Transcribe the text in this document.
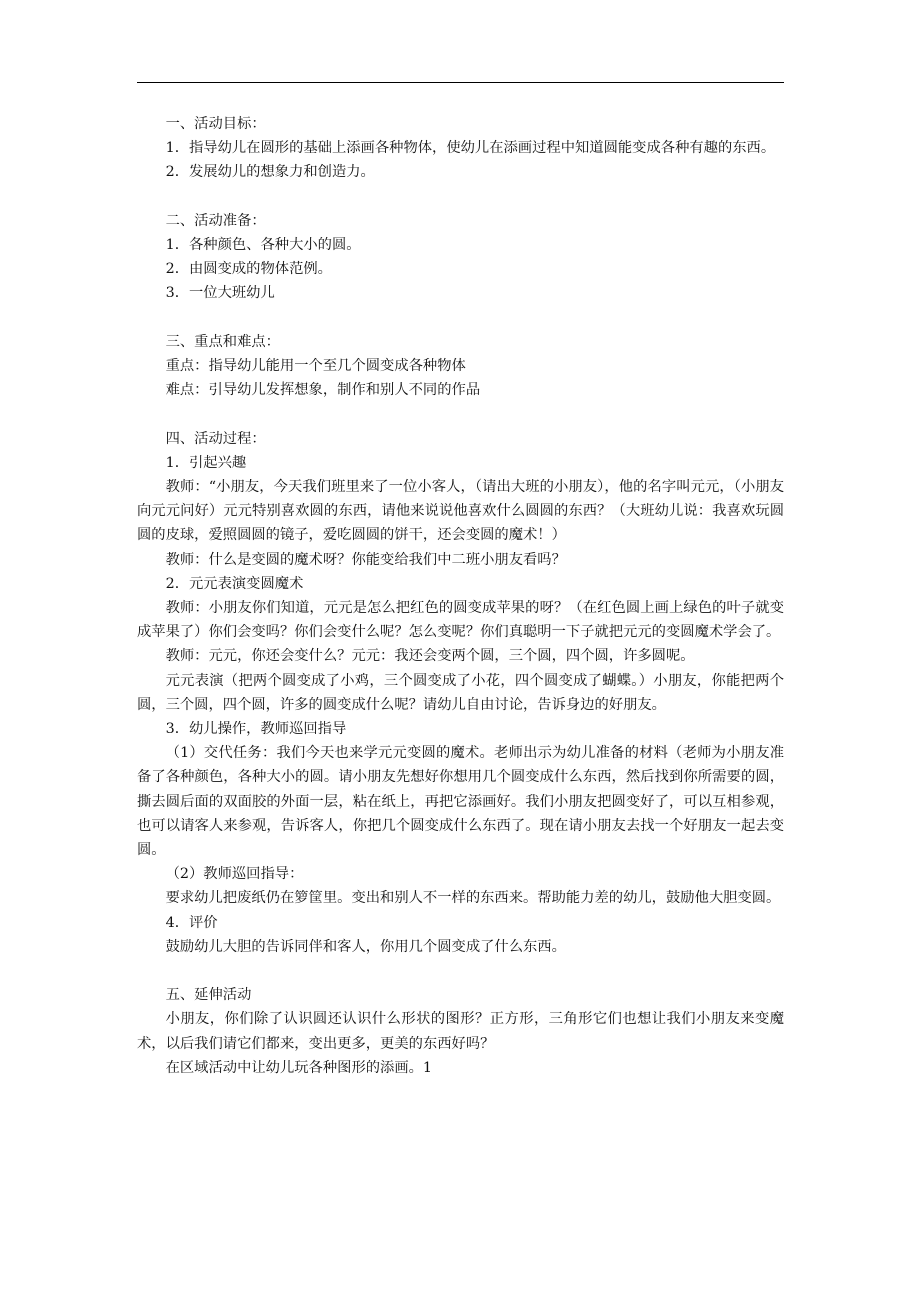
一、活动目标：

1．指导幼儿在圆形的基础上添画各种物体，使幼儿在添画过程中知道圆能变成各种有趣的东西。

2．发展幼儿的想象力和创造力。

二、活动准备：

1．各种颜色、各种大小的圆。

2．由圆变成的物体范例。

3．一位大班幼儿

三、重点和难点：

重点：指导幼儿能用一个至几个圆变成各种物体

难点：引导幼儿发挥想象，制作和别人不同的作品

四、活动过程：

1．引起兴趣

教师：“小朋友，今天我们班里来了一位小客人，（请出大班的小朋友），他的名字叫元元，（小朋友向元元问好）元元特别喜欢圆的东西，请他来说说他喜欢什么圆圆的东西？（大班幼儿说：我喜欢玩圆圆的皮球，爱照圆圆的镜子，爱吃圆圆的饼干，还会变圆的魔术！）

教师：什么是变圆的魔术呀？你能变给我们中二班小朋友看吗？

2．元元表演变圆魔术

教师：小朋友你们知道，元元是怎么把红色的圆变成苹果的呀？（在红色圆上画上绿色的叶子就变成苹果了）你们会变吗？你们会变什么呢？怎么变呢？你们真聪明一下子就把元元的变圆魔术学会了。

教师：元元，你还会变什么？元元：我还会变两个圆，三个圆，四个圆，许多圆呢。

元元表演（把两个圆变成了小鸡，三个圆变成了小花，四个圆变成了蝴蝶。）小朋友，你能把两个圆，三个圆，四个圆，许多的圆变成什么呢？请幼儿自由讨论，告诉身边的好朋友。

3．幼儿操作，教师巡回指导

（1）交代任务：我们今天也来学元元变圆的魔术。老师出示为幼儿准备的材料（老师为小朋友准备了各种颜色，各种大小的圆。请小朋友先想好你想用几个圆变成什么东西，然后找到你所需要的圆，撕去圆后面的双面胶的外面一层，粘在纸上，再把它添画好。我们小朋友把圆变好了，可以互相参观，也可以请客人来参观，告诉客人，你把几个圆变成什么东西了。现在请小朋友去找一个好朋友一起去变圆。

（2）教师巡回指导：

要求幼儿把废纸仍在箩筐里。变出和别人不一样的东西来。帮助能力差的幼儿，鼓励他大胆变圆。

4．评价

鼓励幼儿大胆的告诉同伴和客人，你用几个圆变成了什么东西。

五、延伸活动

小朋友，你们除了认识圆还认识什么形状的图形？正方形，三角形它们也想让我们小朋友来变魔术，以后我们请它们都来，变出更多，更美的东西好吗？

在区域活动中让幼儿玩各种图形的添画。1
